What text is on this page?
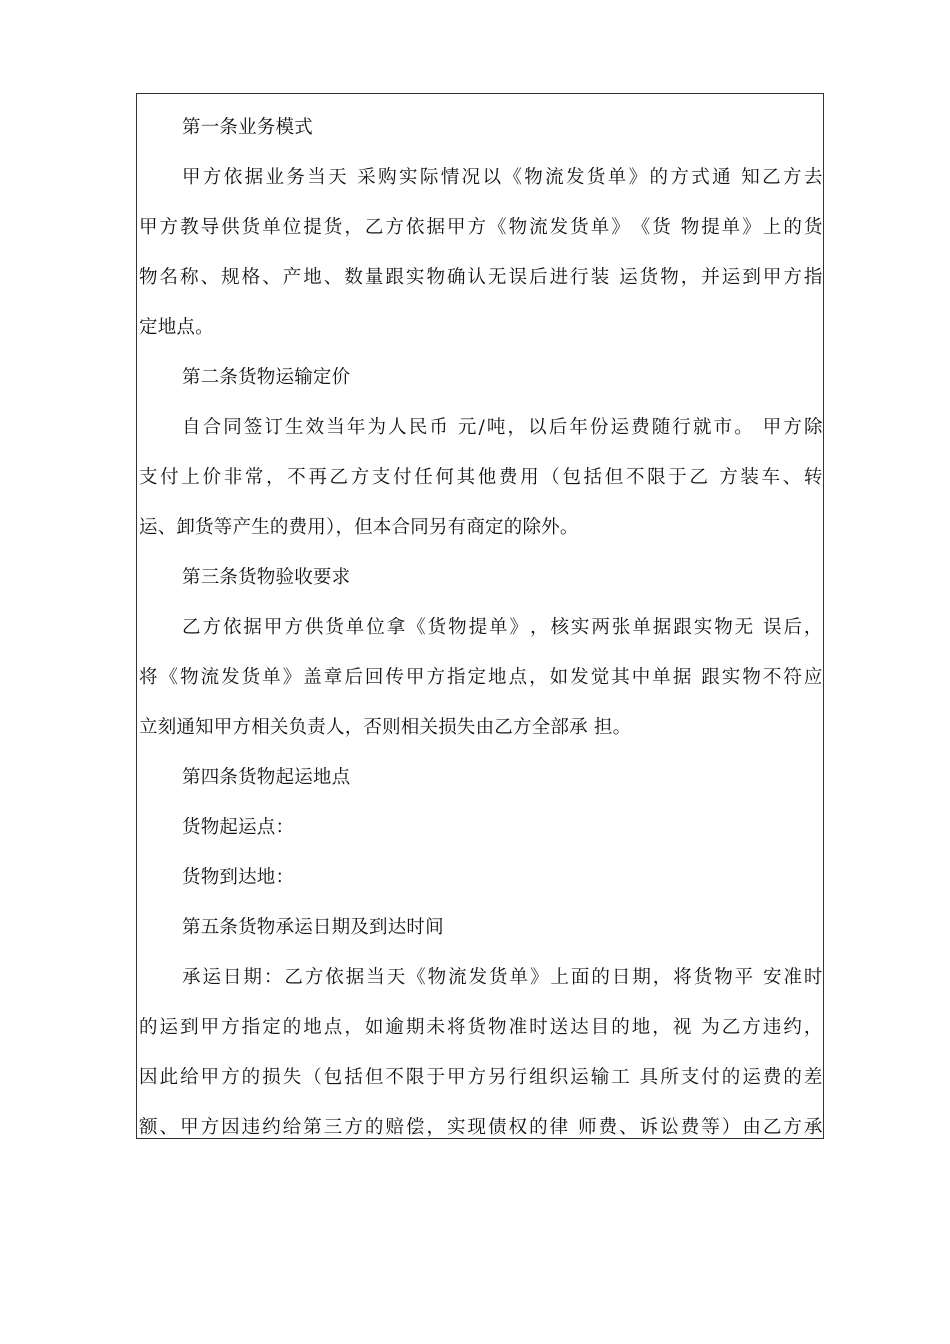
第一条业务模式
甲 方 依 据 业 务 当 天
采 购 实 际 情 况 以 《 物 流 发 货 单 》 的 方 式 通
知 乙 方 去
甲 方 教 导 供 货 单 位 提 货 ， 乙 方 依 据 甲 方 《 物 流 发 货 单 》 《 货
物 提 单 》 上 的 货
物 名 称 、 规 格 、 产 地 、 数 量 跟 实 物 确 认 无 误 后 进 行 装
运 货 物 ， 并 运 到 甲 方 指
定地点。
第二条货物运输定价
自 合 同 签 订 生 效 当 年 为 人 民 币
元 / 吨 ， 以 后 年 份 运 费 随 行 就 市 。
甲 方 除
支 付 上 价 非 常 ， 不 再 乙 方 支 付 任 何 其 他 费 用 （ 包 括 但 不 限 于 乙
方 装 车 、 转
运、卸货等产生的费用），但本合同另有商定的除外。
第三条货物验收要求
乙 方 依 据 甲 方 供 货 单 位 拿 《 货 物 提 单 》 ， 核 实 两 张 单 据 跟 实 物 无
误 后 ，
将 《 物 流 发 货 单 》 盖 章 后 回 传 甲 方 指 定 地 点 ， 如 发 觉 其 中 单 据
跟 实 物 不 符 应
立刻通知甲方相关负责人，否则相关损失由乙方全部承 担。
第四条货物起运地点
货物起运点：
货物到达地：
第五条货物承运日期及到达时间
承 运 日 期 ： 乙 方 依 据 当 天 《 物 流 发 货 单 》 上 面 的 日 期 ， 将 货 物 平
安 准 时
的 运 到 甲 方 指 定 的 地 点 ， 如 逾 期 未 将 货 物 准 时 送 达 目 的 地 ， 视
为 乙 方 违 约 ，
因 此 给 甲 方 的 损 失 （ 包 括 但 不 限 于 甲 方 另 行 组 织 运 输 工
具 所 支 付 的 运 费 的 差
额 、 甲 方 因 违 约 给 第 三 方 的 赔 偿 ， 实 现 债 权 的 律
师 费 、 诉 讼 费 等 ） 由 乙 方 承
